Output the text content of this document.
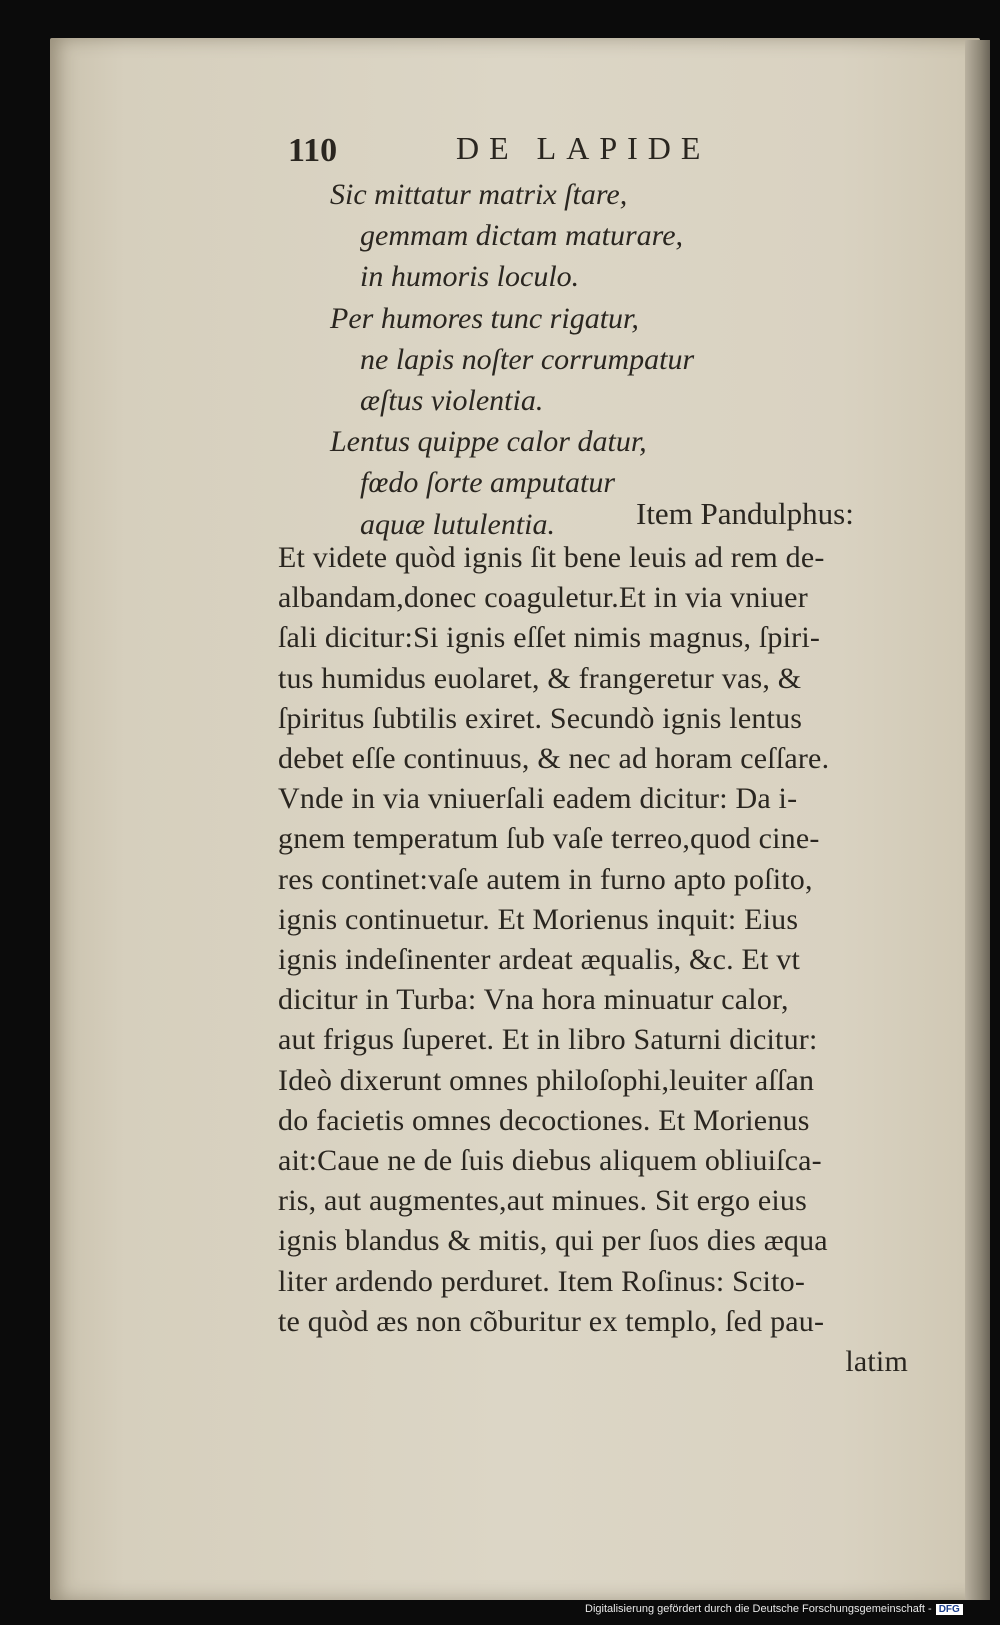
110	DE LAPIDE
Sic mittatur matrix ſtare,
gemmam dictam maturare,
in humoris loculo.
Per humores tunc rigatur,
ne lapis noſter corrumpatur
æſtus violentia.
Lentus quippe calor datur,
fœdo ſorte amputatur
aquæ lutulentia.	Item Pandulphus:
Et videte quòd ignis ſit bene leuis ad rem de-
albandam,donec coaguletur.Et in via vniuer
ſali dicitur:Si ignis eſſet nimis magnus, ſpiri-
tus humidus euolaret, & frangeretur vas, &
ſpiritus ſubtilis exiret. Secundò ignis lentus
debet eſſe continuus, & nec ad horam ceſſare.
Vnde in via vniuerſali eadem dicitur: Da i-
gnem temperatum ſub vaſe terreo,quod cine-
res continet:vaſe autem in furno apto poſito,
ignis continuetur. Et Morienus inquit: Eius
ignis indeſinenter ardeat æqualis, &c. Et vt
dicitur in Turba: Vna hora minuatur calor,
aut frigus ſuperet. Et in libro Saturni dicitur:
Ideò dixerunt omnes philoſophi,leuiter aſſan
do facietis omnes decoctiones. Et Morienus
ait:Caue ne de ſuis diebus aliquem obliuiſca-
ris, aut augmentes,aut minues. Sit ergo eius
ignis blandus & mitis, qui per ſuos dies æqua
liter ardendo perduret. Item Roſinus: Scito-
te quòd æs non cõburitur ex templo, ſed pau-
latim
Digitalisierung gefördert durch die Deutsche Forschungsgemeinschaft - DFG
